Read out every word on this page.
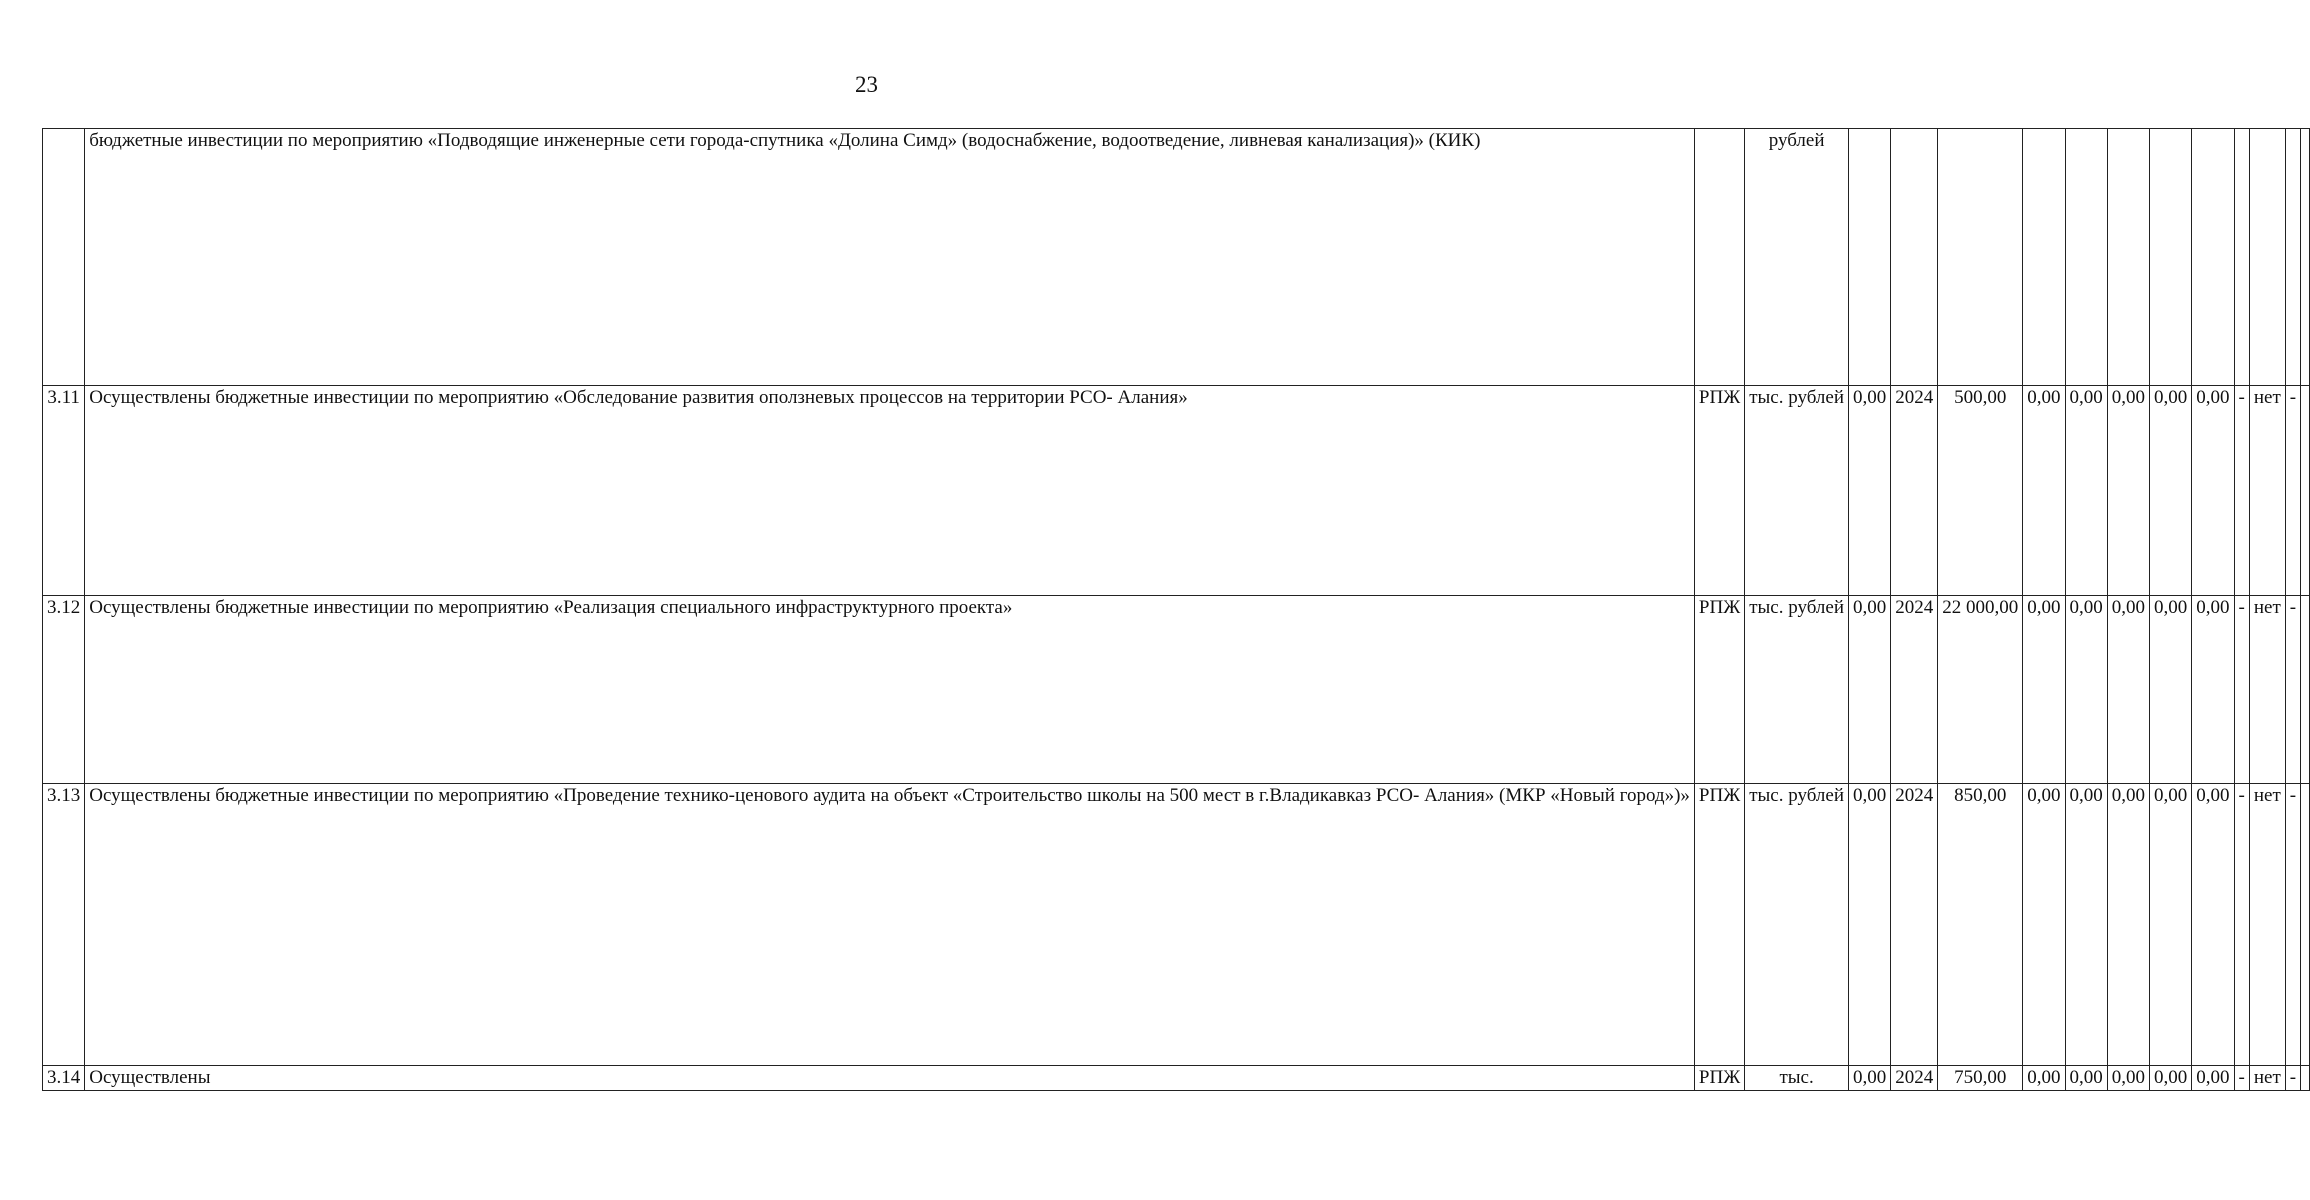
23
	бюджетные инвестиции по мероприятию «Подводящие инженерные сети города-спутника «Долина Симд» (водоснабжение, водоотведение, ливневая канализация)» (КИК)		рублей												
3.11	Осуществлены бюджетные инвестиции по мероприятию «Обследование развития оползневых процессов на территории РСО- Алания»	РПЖ	тыс. рублей	0,00	2024	500,00	0,00	0,00	0,00	0,00	0,00	-	нет	-	
3.12	Осуществлены бюджетные инвестиции по мероприятию «Реализация специального инфраструктурного проекта»	РПЖ	тыс. рублей	0,00	2024	22 000,00	0,00	0,00	0,00	0,00	0,00	-	нет	-	
3.13	Осуществлены бюджетные инвестиции по мероприятию «Проведение технико-ценового аудита на объект «Строительство школы на 500 мест в г.Владикавказ РСО- Алания» (МКР «Новый город»)»	РПЖ	тыс. рублей	0,00	2024	850,00	0,00	0,00	0,00	0,00	0,00	-	нет	-	
3.14	Осуществлены	РПЖ	тыс.	0,00	2024	750,00	0,00	0,00	0,00	0,00	0,00	-	нет	-	
